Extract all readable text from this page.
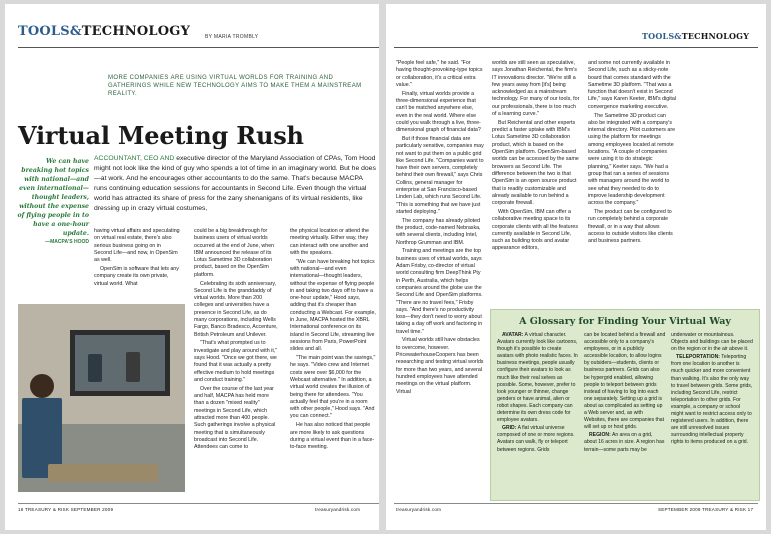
TOOLS&TECHNOLOGY	BY MARIA TROMBLY
Virtual Meeting Rush
We can have breaking hot topics with national—and even international—thought leaders, without the expense of flying people in to have a one-hour update.
—MACPA'S HOOD
ACCOUNTANT, CEO AND executive director of the Maryland Association of CPAs, Tom Hood might not look like the kind of guy who spends a lot of time in an imaginary world. But he does—at work. And he encourages other accountants to do the same. That's because MACPA runs continuing education sessions for accountants in Second Life. Even though the virtual world has attracted its share of press for the zany shenanigans of its virtual residents, like dressing up in crazy virtual costumes,

having virtual affairs and speculating on virtual real estate, there's also serious business going on in Second Life—and now, in OpenSim as well.

OpenSim is software that lets any company create its own private, virtual world. What

could be a big breakthrough for business users of virtual worlds occurred at the end of June, when IBM announced the release of its Lotus Sametime 3D collaboration product, based on the OpenSim platform.

Celebrating its sixth anniversary, Second Life is the granddaddy of virtual worlds. More than 200 colleges and universities have a presence in Second Life, as do many corporations, including Wells Fargo, Banco Bradesco, Accenture, British Petroleum and Unilever.

"That's what prompted us to investigate and play around with it," says Hood. "Once we got there, we found that it was actually a pretty effective medium to hold meetings and conduct training."

Over the course of the last year and half, MACPA has held more than a dozen "mixed reality" meetings in Second Life, which attracted more than 400 people. Such gatherings involve a physical meeting that is simultaneously broadcast into Second Life. Attendees can come to

the physical location or attend the meeting virtually. Either way, they can interact with one another and with the speakers.

"We can have breaking hot topics with national—and even international—thought leaders, without the expense of flying people in and taking two days off to have a one-hour update," Hood says, adding that it's cheaper than conducting a Webcast. For example, in June, MACPA hosted the XBRL International conference on its island in Second Life, streaming live sessions from Paris, PowerPoint slides and all.

"The main point was the savings," he says. "Video crew and Internet costs were over $6,000 for the Webcast alternative." In addition, a virtual world creates the illusion of being there for attendees. "You actually feel that you're in a room with other people," Hood says. "And you can connect."

He has also noticed that people are more likely to ask questions during a virtual event than in a face-to-face meeting.

16 TREASURY & RISK SEPTEMBER 2009	treasuryandrisk.com
MORE COMPANIES ARE USING VIRTUAL WORLDS FOR TRAINING AND GATHERINGS WHILE NEW TECHNOLOGY AIMS TO MAKE THEM A MAINSTREAM REALITY.
TOOLS&TECHNOLOGY

"People feel safe," he said. "For having thought-provoking-type topics or collaboration, it's a critical extra value."

Finally, virtual worlds provide a three-dimensional experience that can't be matched anywhere else, even in the real world. Where else could you walk through a live, three-dimensional graph of financial data?

But if those financial data are particularly sensitive, companies may not want to put them on a public grid like Second Life. "Companies want to have their own servers, completely behind their own firewall," says Chris Collins, general manager for enterprise at San Francisco-based Linden Lab, which runs Second Life. "This is something that we have just started deploying."

The company has already piloted the product, code-named Nebraska, with several clients, including Intel, Northrop Grumman and IBM.

Training and meetings are the top business uses of virtual worlds, says Adam Frisby, co-director of virtual world consulting firm DeepThink Pty in Perth, Australia, which helps companies around the globe use the Second Life and OpenSim platforms. "There are no travel fees," Frisby says. "And there's no productivity loss—they don't need to worry about taking a day off work and factoring in travel time."

Virtual worlds still have obstacles to overcome, however. PricewaterhouseCoopers has been researching and testing virtual worlds for more than two years, and several hundred employees have attended meetings on the virtual platform. Virtual

worlds are still seen as speculative, says Jonathan Reichental, the firm's IT innovations director. "We're still a few years away from [it's] being acknowledged as a mainstream technology. For many of our tools, for our professionals, there is too much of a learning curve."

But Reichental and other experts predict a faster uptake with IBM's Lotus Sametime 3D collaboration product, which is based on the OpenSim platform. OpenSim-based worlds can be accessed by the same browsers as Second Life. The difference between the two is that OpenSim is an open source product that is readily customizable and already available to run behind a corporate firewall.

With OpenSim, IBM can offer a collaborative meeting space to its corporate clients with all the features currently available in Second Life, such as building tools and avatar appearance editors,

and some not currently available in Second Life, such as a sticky-note board that comes standard with the Sametime 3D platform. "That was a function that doesn't exist in Second Life," says Karen Keeter, IBM's digital convergence marketing executive.

The Sametime 3D product can also be integrated with a company's internal directory. Pilot customers are using the platform for meetings among employees located at remote locations. "A couple of companies were using it to do strategic planning," Keeter says. "We had a group that ran a series of sessions with managers around the world to see what they needed to do to improve leadership development across the company."

The product can be configured to run completely behind a corporate firewall, or in a way that allows access to outside visitors like clients and business partners.

A Glossary for Finding Your Virtual Way

AVATAR: A virtual character. Avatars currently look like cartoons, though it's possible to create avatars with photo realistic faces. In business meetings, people usually configure their avatars to look as much like their real selves as possible. Some, however, prefer to look younger or thinner, change genders or have animal, alien or robot shapes. Each company can determine its own dress code for employee avatars.

GRID: A flat virtual universe composed of one or more regions. Avatars can walk, fly or teleport between regions. Grids

can be located behind a firewall and accessible only to a company's employees, or in a publicly accessible location, to allow logins by outsiders—students, clients or business partners. Grids can also be hypergrid enabled, allowing people to teleport between grids instead of having to log into each one separately. Setting up a grid is about as complicated as setting up a Web server and, as with Websites, there are companies that will set up or host grids.

REGION: An area on a grid, about 16 acres in size. A region has terrain—some parts may be

underwater or mountainous. Objects and buildings can be placed on the region or in the air above it.

TELEPORTATION: Teleporting from one location to another is much quicker and more convenient than walking. It's also the only way to travel between grids. Some grids, including Second Life, restrict teleportation to other grids. For example, a company or school might want to restrict access only to registered users. In addition, there are still unresolved issues surrounding intellectual property rights to items produced on a grid.

treasuryandrisk.com	SEPTEMBER 2009 TREASURY & RISK 17
